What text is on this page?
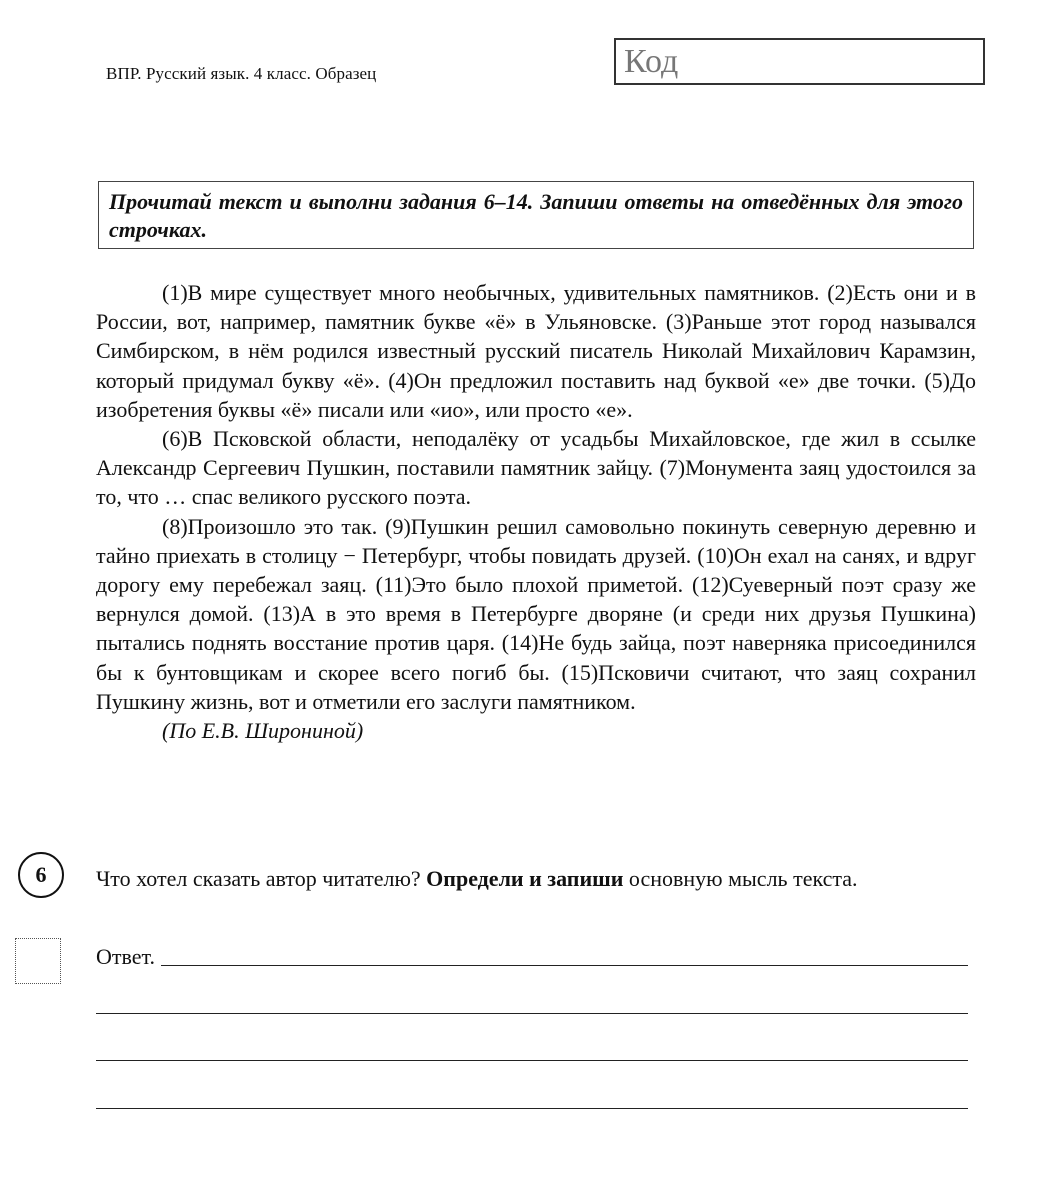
ВПР. Русский язык. 4 класс. Образец	Код
Прочитай текст и выполни задания 6–14. Запиши ответы на отведённых для этого строчках.

(1)В мире существует много необычных, удивительных памятников. (2)Есть они и в России, вот, например, памятник букве «ё» в Ульяновске. (3)Раньше этот город назывался Симбирском, в нём родился известный русский писатель Николай Михайлович Карамзин, который придумал букву «ё». (4)Он предложил поставить над буквой «е» две точки. (5)До изобретения буквы «ё» писали или «ио», или просто «е».

(6)В Псковской области, неподалёку от усадьбы Михайловское, где жил в ссылке Александр Сергеевич Пушкин, поставили памятник зайцу. (7)Монумента заяц удостоился за то, что … спас великого русского поэта.

(8)Произошло это так. (9)Пушкин решил самовольно покинуть северную деревню и тайно приехать в столицу − Петербург, чтобы повидать друзей. (10)Он ехал на санях, и вдруг дорогу ему перебежал заяц. (11)Это было плохой приметой. (12)Суеверный поэт сразу же вернулся домой. (13)А в это время в Петербурге дворяне (и среди них друзья Пушкина) пытались поднять восстание против царя. (14)Не будь зайца, поэт наверняка присоединился бы к бунтовщикам и скорее всего погиб бы. (15)Псковичи считают, что заяц сохранил Пушкину жизнь, вот и отметили его заслуги памятником.

(По Е.В. Широниной)

6	Что хотел сказать автор читателю? Определи и запиши основную мысль текста.
Ответ.
